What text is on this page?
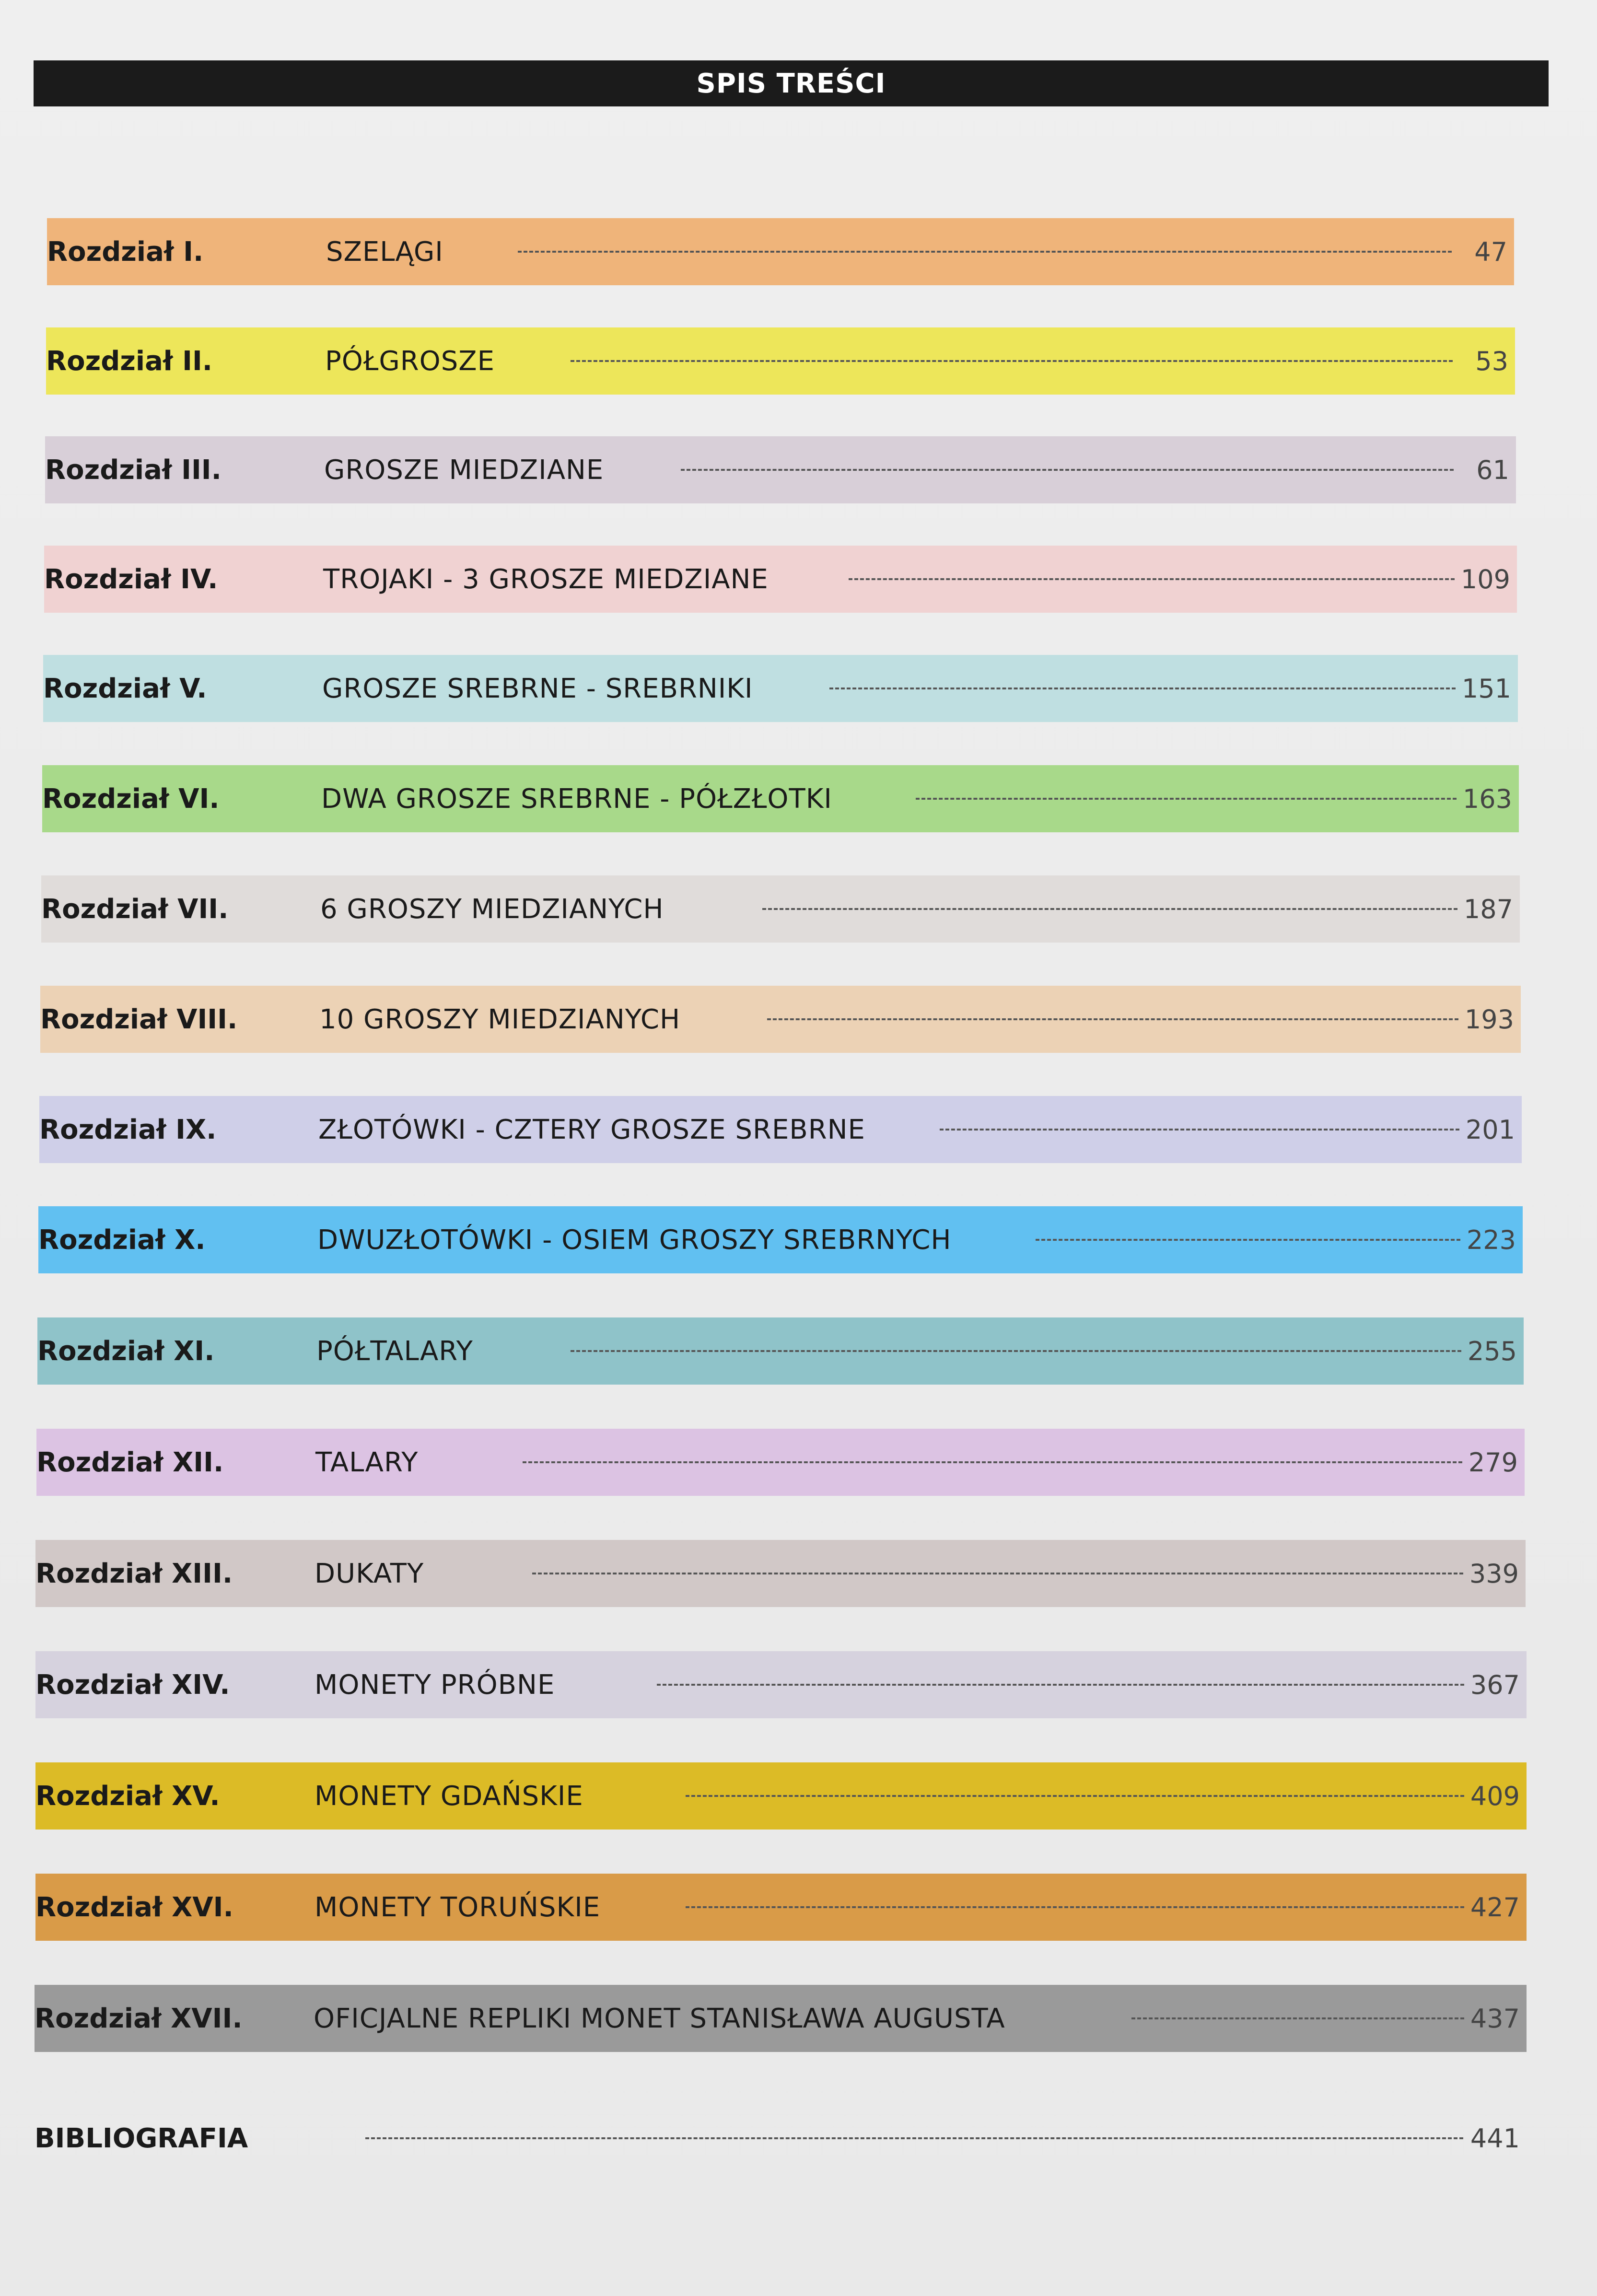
SPIS TREŚCI
Rozdział I.	SZELĄGI	47
Rozdział II.	PÓŁGROSZE	53
Rozdział III.	GROSZE MIEDZIANE	61
Rozdział IV.	TROJAKI - 3 GROSZE MIEDZIANE	109
Rozdział V.	GROSZE SREBRNE - SREBRNIKI	151
Rozdział VI.	DWA GROSZE SREBRNE - PÓŁZŁOTKI	163
Rozdział VII.	6 GROSZY MIEDZIANYCH	187
Rozdział VIII.	10 GROSZY MIEDZIANYCH	193
Rozdział IX.	ZŁOTÓWKI - CZTERY GROSZE SREBRNE	201
Rozdział X.	DWUZŁOTÓWKI - OSIEM GROSZY SREBRNYCH	223
Rozdział XI.	PÓŁTALARY	255
Rozdział XII.	TALARY	279
Rozdział XIII.	DUKATY	339
Rozdział XIV.	MONETY PRÓBNE	367
Rozdział XV.	MONETY GDAŃSKIE	409
Rozdział XVI.	MONETY TORUŃSKIE	427
Rozdział XVII.	OFICJALNE REPLIKI MONET STANISŁAWA AUGUSTA	437
BIBLIOGRAFIA	441
